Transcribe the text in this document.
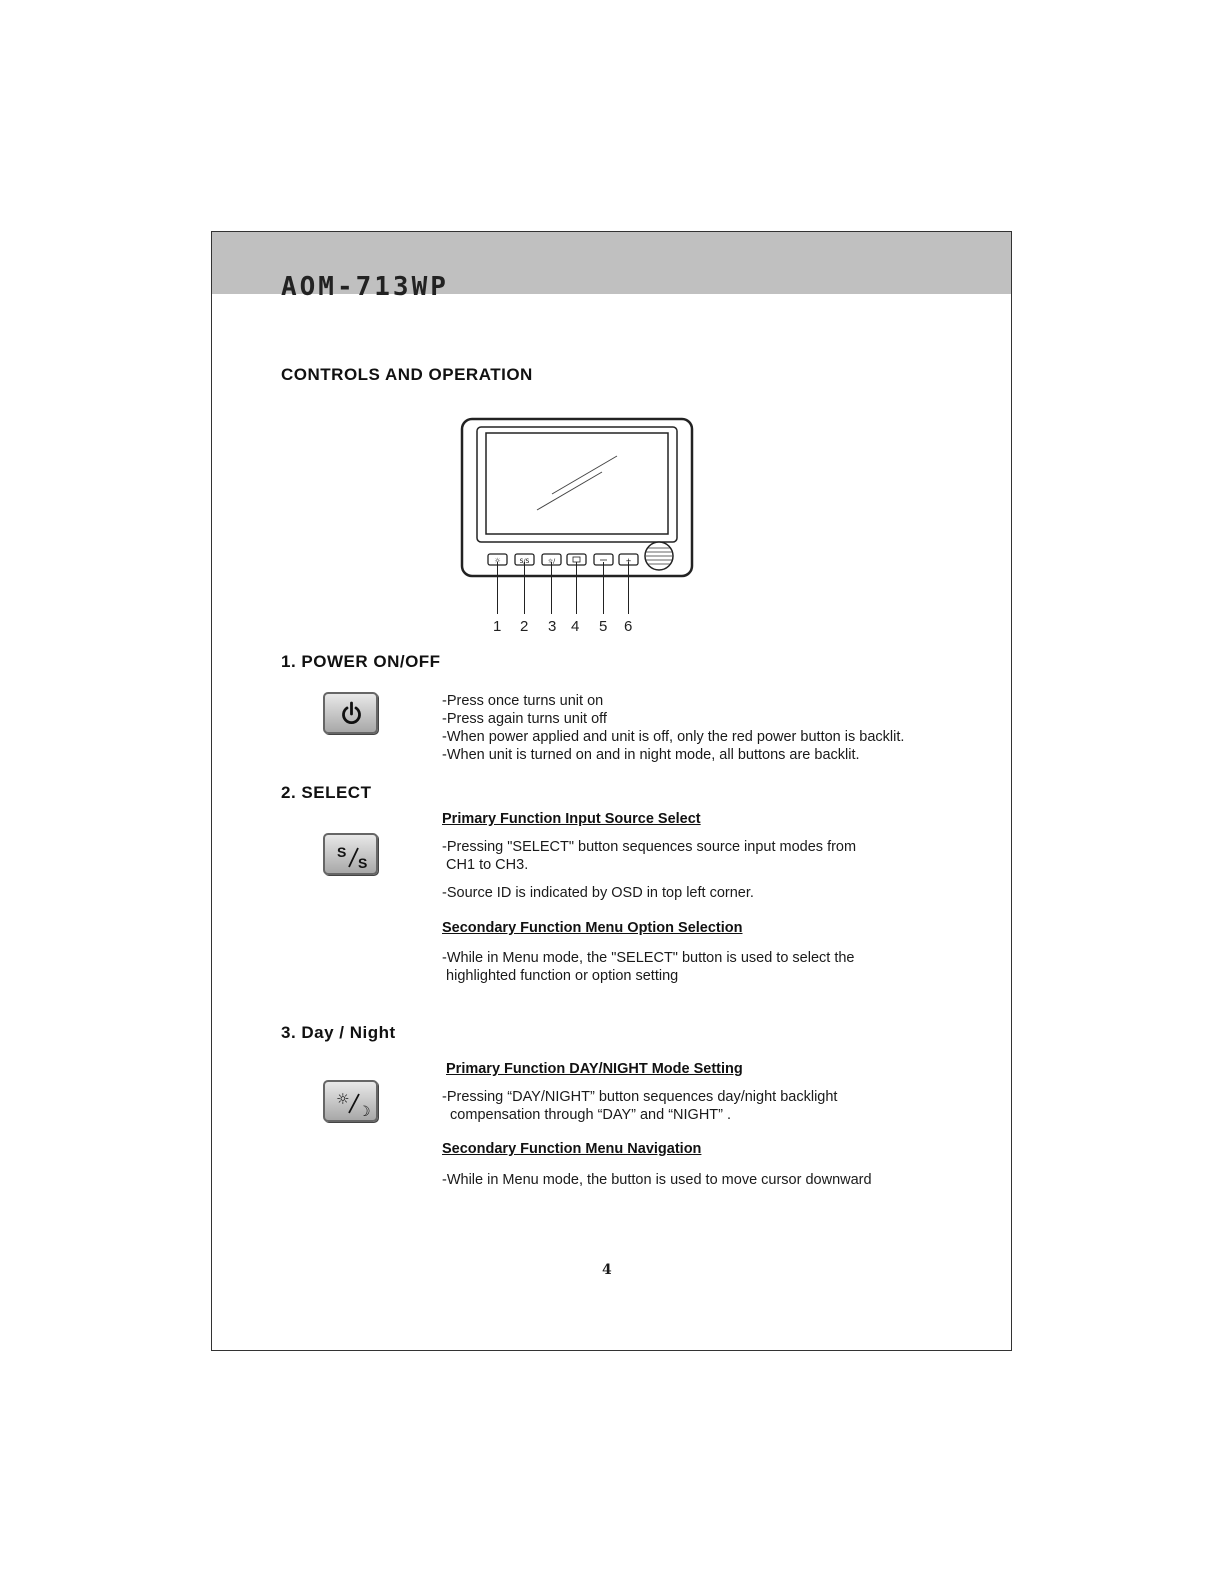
AOM-713WP
CONTROLS AND OPERATION
☼	S/S	☼/	+
1 2 3 4 5 6
1. POWER ON/OFF

-Press once turns unit on

-Press again turns unit off

-When power applied and unit is off, only the red power button is backlit.

-When unit is turned on and in night mode, all buttons are backlit.

2. SELECT
Primary Function Input Source Select
S
S

-Pressing "SELECT" button sequences source input modes from

CH1 to CH3.

-Source ID is indicated by OSD in top left corner.

Secondary Function Menu Option Selection

-While in Menu mode, the "SELECT" button is used to select the

highlighted function or option setting

3. Day / Night
Primary Function DAY/NIGHT Mode Setting
☼
☽

-Pressing “DAY/NIGHT” button sequences day/night backlight

compensation through “DAY” and “NIGHT” .

Secondary Function Menu Navigation

-While in Menu mode, the button is used to move cursor downward

4
